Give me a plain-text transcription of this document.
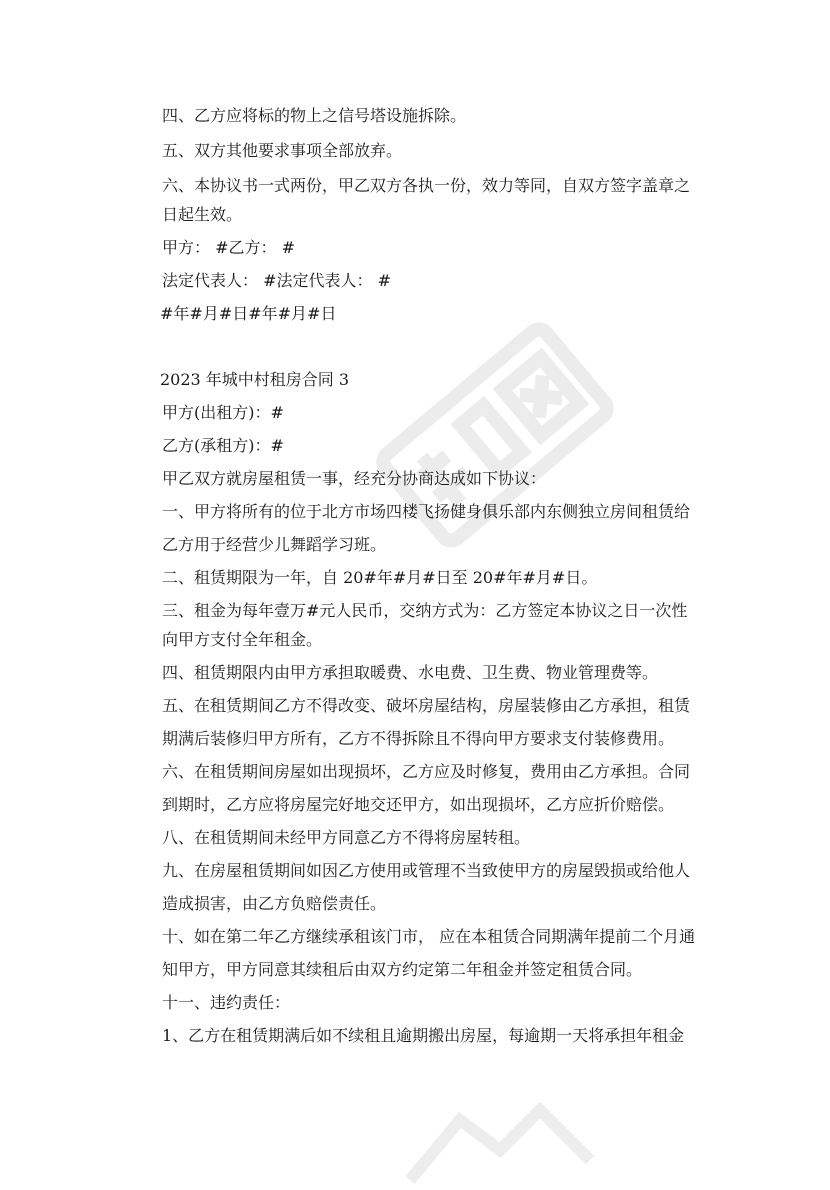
四、乙方应将标的物上之信号塔设施拆除。
五、双方其他要求事项全部放弃。
六、本协议书一式两份，甲乙双方各执一份，效力等同，自双方签字盖章之
日起生效。
甲方： #乙方： #
法定代表人： #法定代表人： #
#年#月#日#年#月#日
2023 年城中村租房合同 3
甲方(出租方)：#
乙方(承租方)：#
甲乙双方就房屋租赁一事，经充分协商达成如下协议：
一、甲方将所有的位于北方市场四楼飞扬健身俱乐部内东侧独立房间租赁给
乙方用于经营少儿舞蹈学习班。
二、租赁期限为一年，自 20#年#月#日至 20#年#月#日。
三、租金为每年壹万#元人民币，交纳方式为：乙方签定本协议之日一次性
向甲方支付全年租金。
四、租赁期限内由甲方承担取暖费、水电费、卫生费、物业管理费等。
五、在租赁期间乙方不得改变、破坏房屋结构，房屋装修由乙方承担，租赁
期满后装修归甲方所有，乙方不得拆除且不得向甲方要求支付装修费用。
六、在租赁期间房屋如出现损坏，乙方应及时修复，费用由乙方承担。合同
到期时，乙方应将房屋完好地交还甲方，如出现损坏，乙方应折价赔偿。
八、在租赁期间未经甲方同意乙方不得将房屋转租。
九、在房屋租赁期间如因乙方使用或管理不当致使甲方的房屋毁损或给他人
造成损害，由乙方负赔偿责任。
十、如在第二年乙方继续承租该门市， 应在本租赁合同期满年提前二个月通
知甲方，甲方同意其续租后由双方约定第二年租金并签定租赁合同。
十一、违约责任：
1、乙方在租赁期满后如不续租且逾期搬出房屋，每逾期一天将承担年租金
